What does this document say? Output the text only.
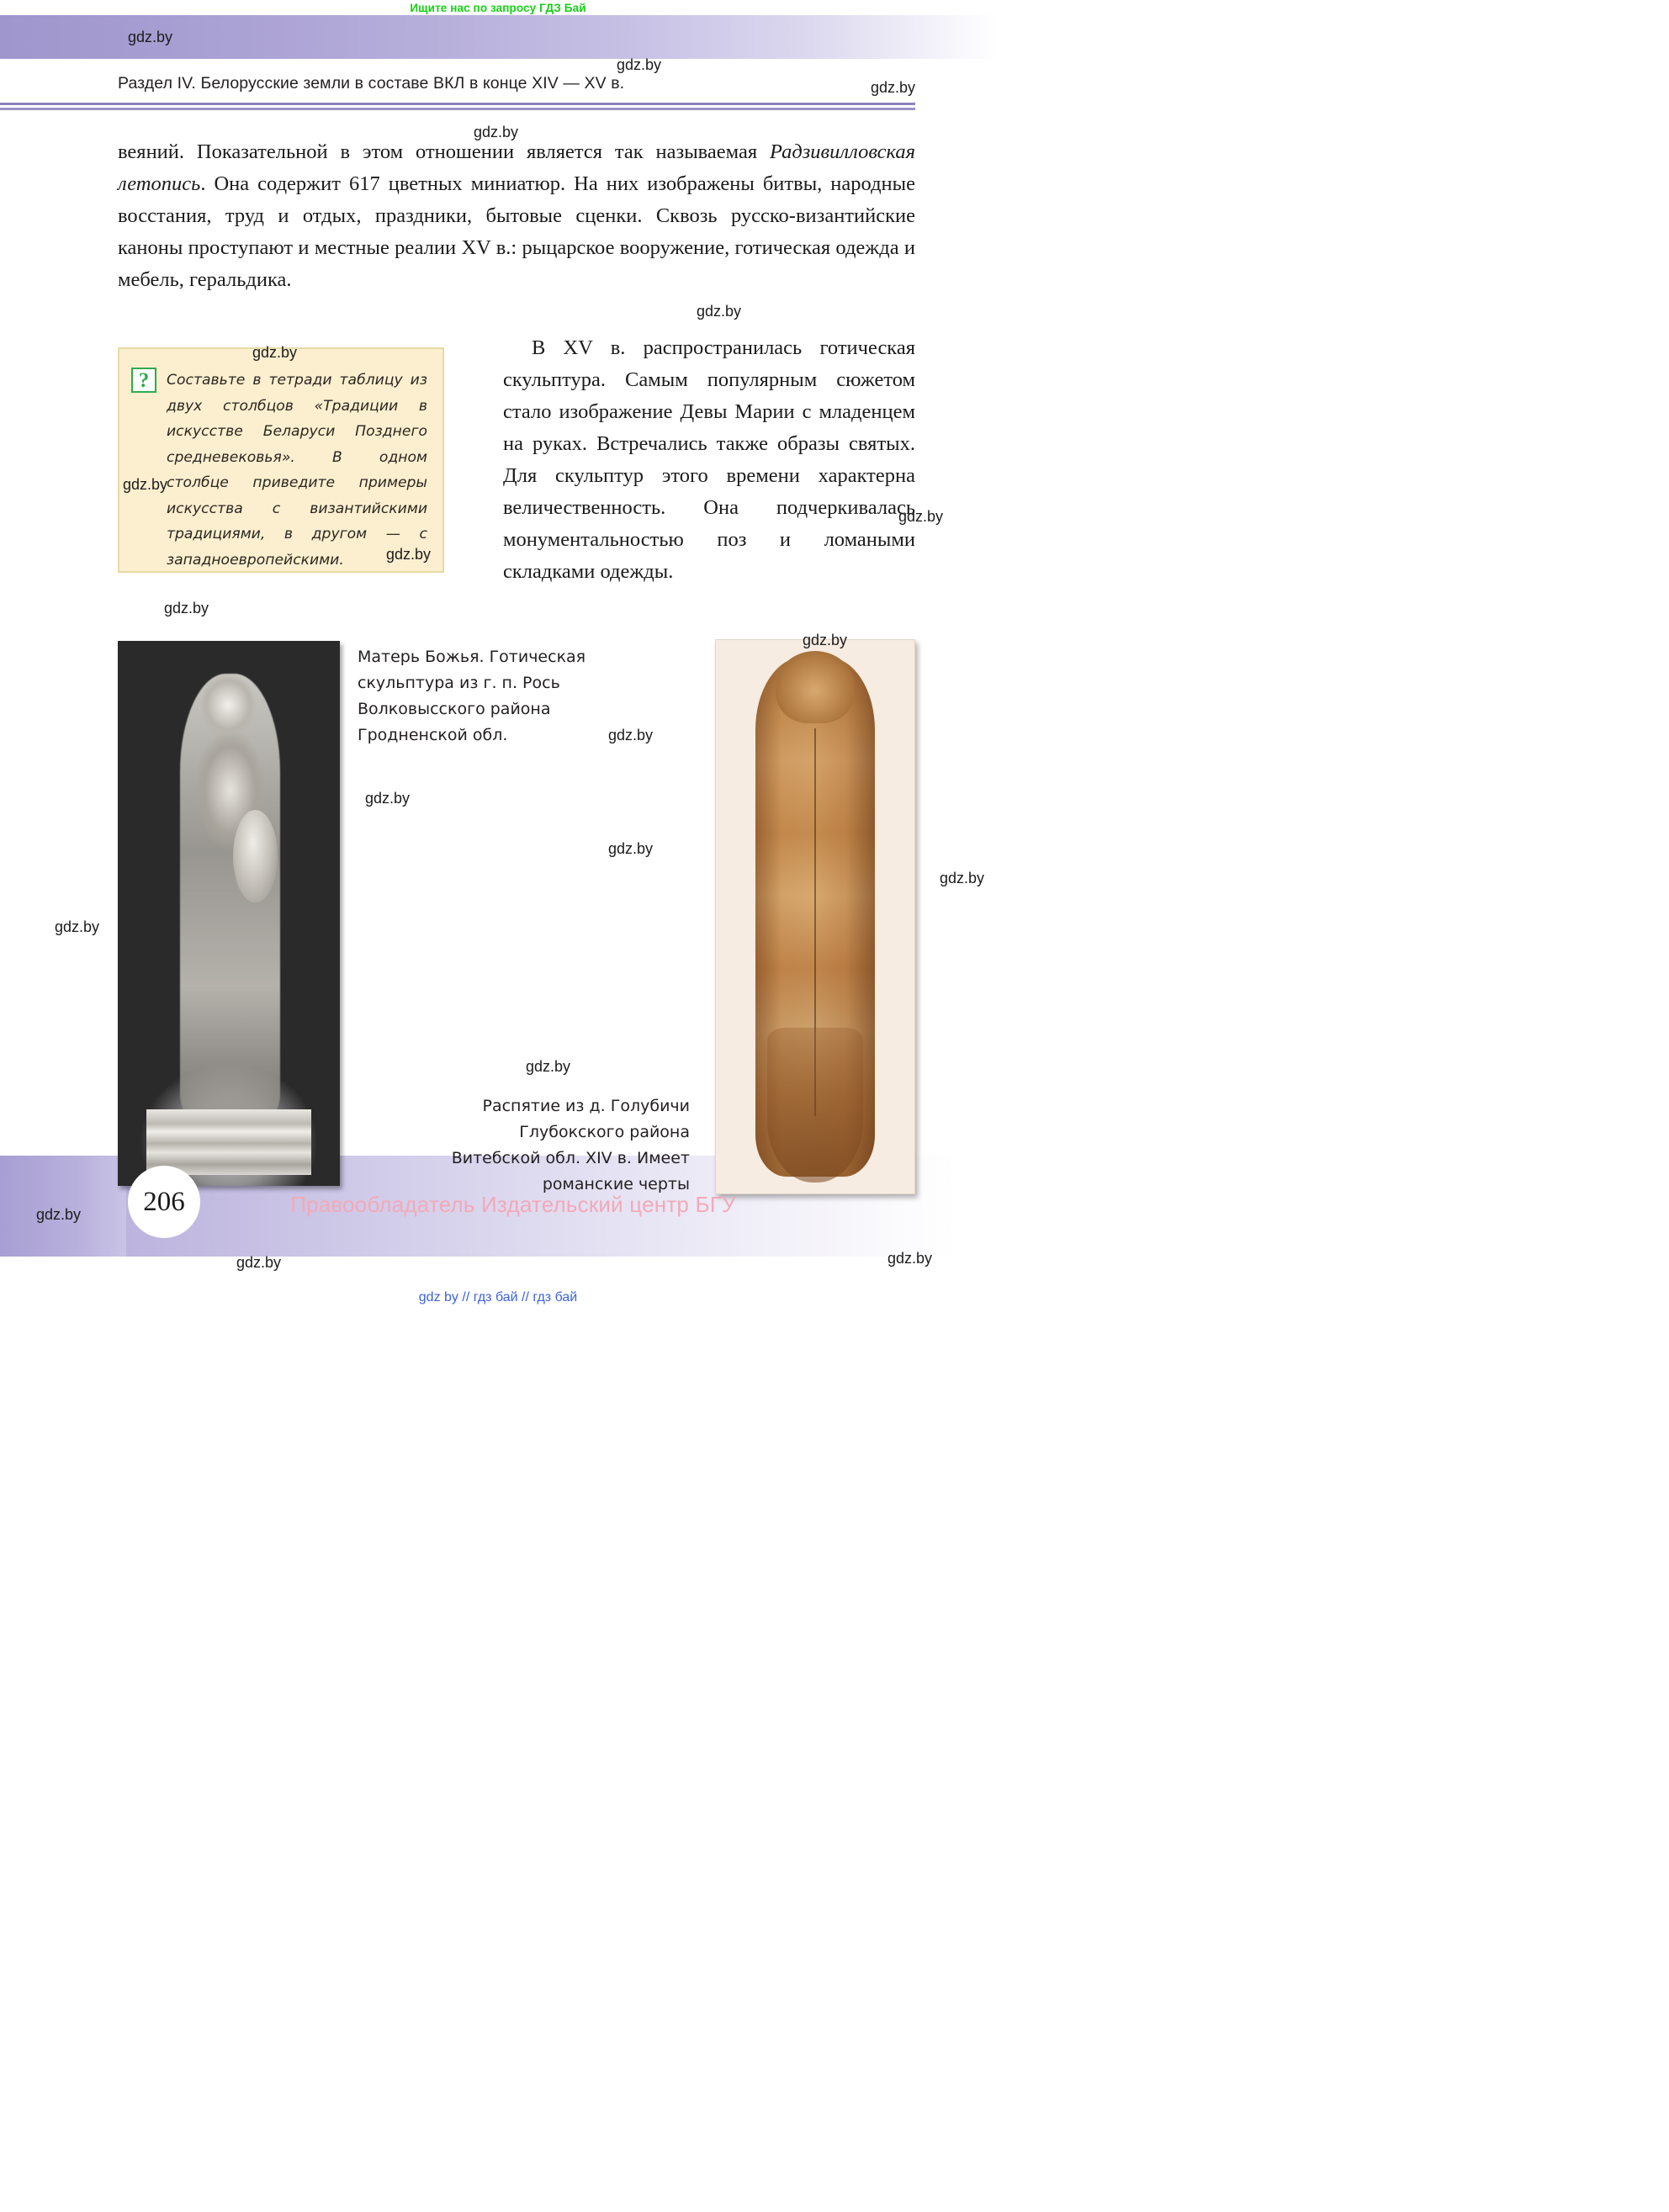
Ищите нас по запросу ГДЗ Бай
Раздел IV. Белорусские земли в составе ВКЛ в конце XIV — XV в.

веяний. Показательной в этом отношении является так называемая Радзивилловская летопись. Она содержит 617 цветных миниатюр. На них изображены битвы, народные восстания, труд и отдых, праздники, бытовые сценки. Сквозь русско-византийские каноны проступают и местные реалии XV в.: рыцарское вооружение, готическая одежда и мебель, геральдика.

?	Составьте в тетради таблицу из двух столбцов «Традиции в искусстве Беларуси Позднего средневековья». В одном столбце приведите примеры искусства с византийскими традициями, в другом — с западноевропейскими.
В XV в. распространилась готическая скульптура. Самым популярным сюжетом стало изображение Девы Марии с младенцем на руках. Встречались также образы святых. Для скульптур этого времени характерна величественность. Она подчеркивалась монументальностью поз и ломаными складками одежды.
Матерь Божья. Готическая скульптура из г. п. Рось Волковысского района Гродненской обл.
Распятие из д. Голубичи Глубокского района Витебской обл. XIV в. Имеет романские черты
206	Правообладатель Издательский центр БГУ
gdz by // гдз бай // гдз бай
gdz.by
gdz.by
gdz.by
gdz.by
gdz.by
gdz.by
gdz.by
gdz.by
gdz.by
gdz.by
gdz.by
gdz.by
gdz.by
gdz.by
gdz.by
gdz.by
gdz.by
gdz.by
gdz.by
gdz.by
